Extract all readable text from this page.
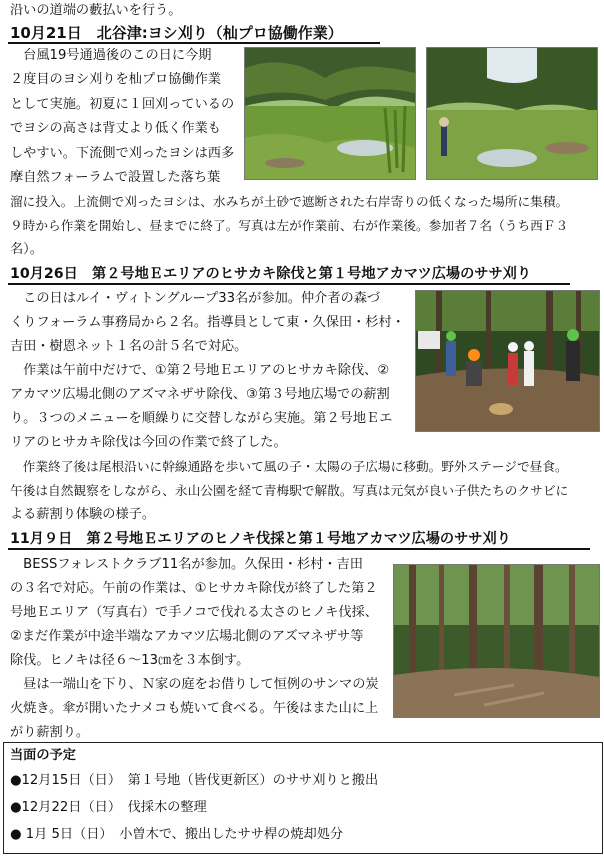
沿いの道端の藪払いを行う。
10月21日　北谷津:ヨシ刈り（杣プロ協働作業）
　台風19号通過後のこの日に今期
２度目のヨシ刈りを杣プロ協働作業
として実施。初夏に１回刈っているの
でヨシの高さは背丈より低く作業も
しやすい。下流側で刈ったヨシは西多
摩自然フォーラムで設置した落ち葉
溜に投入。上流側で刈ったヨシは、水みちが土砂で遮断された右岸寄りの低くなった場所に集積。
９時から作業を開始し、昼までに終了。写真は左が作業前、右が作業後。参加者７名（うち西Ｆ３
名）。
10月26日　第２号地Ｅエリアのヒサカキ除伐と第１号地アカマツ広場のササ刈り
　この日はルイ・ヴィトングループ33名が参加。仲介者の森づ
くりフォーラム事務局から２名。指導員として東・久保田・杉村・
吉田・樹恩ネット１名の計５名で対応。
　作業は午前中だけで、①第２号地Ｅエリアのヒサカキ除伐、②
アカマツ広場北側のアズマネザサ除伐、③第３号地広場での薪割
り。３つのメニューを順繰りに交替しながら実施。第２号地Ｅエ
リアのヒサカキ除伐は今回の作業で終了した。
　作業終了後は尾根沿いに幹線通路を歩いて風の子・太陽の子広場に移動。野外ステージで昼食。
午後は自然観察をしながら、永山公園を経て青梅駅で解散。写真は元気が良い子供たちのクサビに
よる薪割り体験の様子。
11月９日　第２号地Ｅエリアのヒノキ伐採と第１号地アカマツ広場のササ刈り
　BESSフォレストクラブ11名が参加。久保田・杉村・吉田
の３名で対応。午前の作業は、①ヒサカキ除伐が終了した第２
号地Ｅエリア（写真右）で手ノコで伐れる太さのヒノキ伐採、
②まだ作業が中途半端なアカマツ広場北側のアズマネザサ等
除伐。ヒノキは径６～13㎝を３本倒す。
　昼は一端山を下り、Ｎ家の庭をお借りして恒例のサンマの炭
火焼き。傘が開いたナメコも焼いて食べる。午後はまた山に上
がり薪割り。
当面の予定
●12月15日（日）　第１号地（皆伐更新区）のササ刈りと搬出
●12月22日（日）　伐採木の整理
● 1月 5日（日）　小曽木で、搬出したササ桿の焼却処分
